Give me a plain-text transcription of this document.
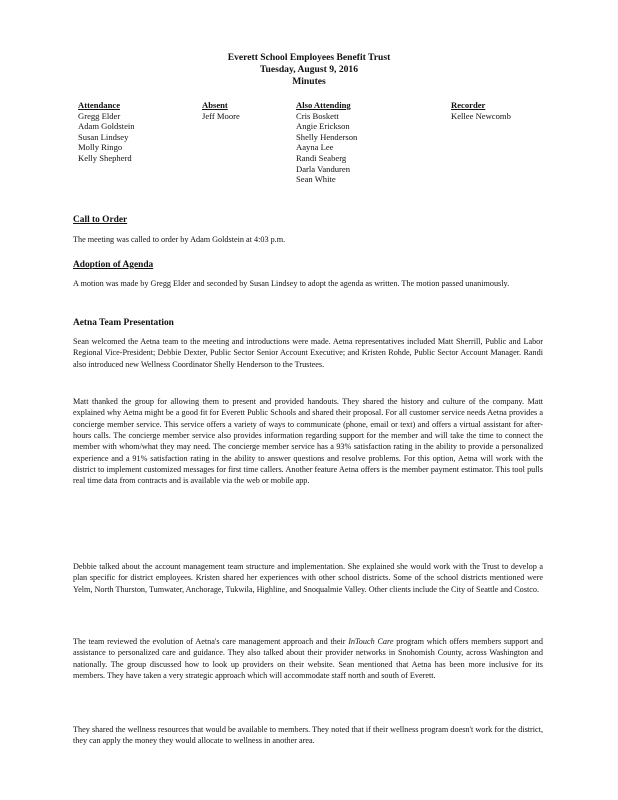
Everett School Employees Benefit Trust
Tuesday, August 9, 2016
Minutes
Attendance
Gregg Elder
Adam Goldstein
Susan Lindsey
Molly Ringo
Kelly Shepherd
Absent
Jeff Moore
Also Attending
Cris Boskett
Angie Erickson
Shelly Henderson
Aayna Lee
Randi Seaberg
Darla Vanduren
Sean White
Recorder
Kellee Newcomb
Call to Order

The meeting was called to order by Adam Goldstein at 4:03 p.m.

Adoption of Agenda

A motion was made by Gregg Elder and seconded by Susan Lindsey to adopt the agenda as written. The motion passed unanimously.

Aetna Team Presentation

Sean welcomed the Aetna team to the meeting and introductions were made. Aetna representatives included Matt Sherrill, Public and Labor Regional Vice-President; Debbie Dexter, Public Sector Senior Account Executive; and Kristen Rohde, Public Sector Account Manager. Randi also introduced new Wellness Coordinator Shelly Henderson to the Trustees.

Matt thanked the group for allowing them to present and provided handouts. They shared the history and culture of the company. Matt explained why Aetna might be a good fit for Everett Public Schools and shared their proposal. For all customer service needs Aetna provides a concierge member service. This service offers a variety of ways to communicate (phone, email or text) and offers a virtual assistant for after-hours calls. The concierge member service also provides information regarding support for the member and will take the time to connect the member with whom/what they may need. The concierge member service has a 93% satisfaction rating in the ability to provide a personalized experience and a 91% satisfaction rating in the ability to answer questions and resolve problems. For this option, Aetna will work with the district to implement customized messages for first time callers. Another feature Aetna offers is the member payment estimator. This tool pulls real time data from contracts and is available via the web or mobile app.

Debbie talked about the account management team structure and implementation. She explained she would work with the Trust to develop a plan specific for district employees. Kristen shared her experiences with other school districts. Some of the school districts mentioned were Yelm, North Thurston, Tumwater, Anchorage, Tukwila, Highline, and Snoqualmie Valley. Other clients include the City of Seattle and Costco.

The team reviewed the evolution of Aetna's care management approach and their InTouch Care program which offers members support and assistance to personalized care and guidance. They also talked about their provider networks in Snohomish County, across Washington and nationally. The group discussed how to look up providers on their website. Sean mentioned that Aetna has been more inclusive for its members. They have taken a very strategic approach which will accommodate staff north and south of Everett.

They shared the wellness resources that would be available to members. They noted that if their wellness program doesn't work for the district, they can apply the money they would allocate to wellness in another area.
